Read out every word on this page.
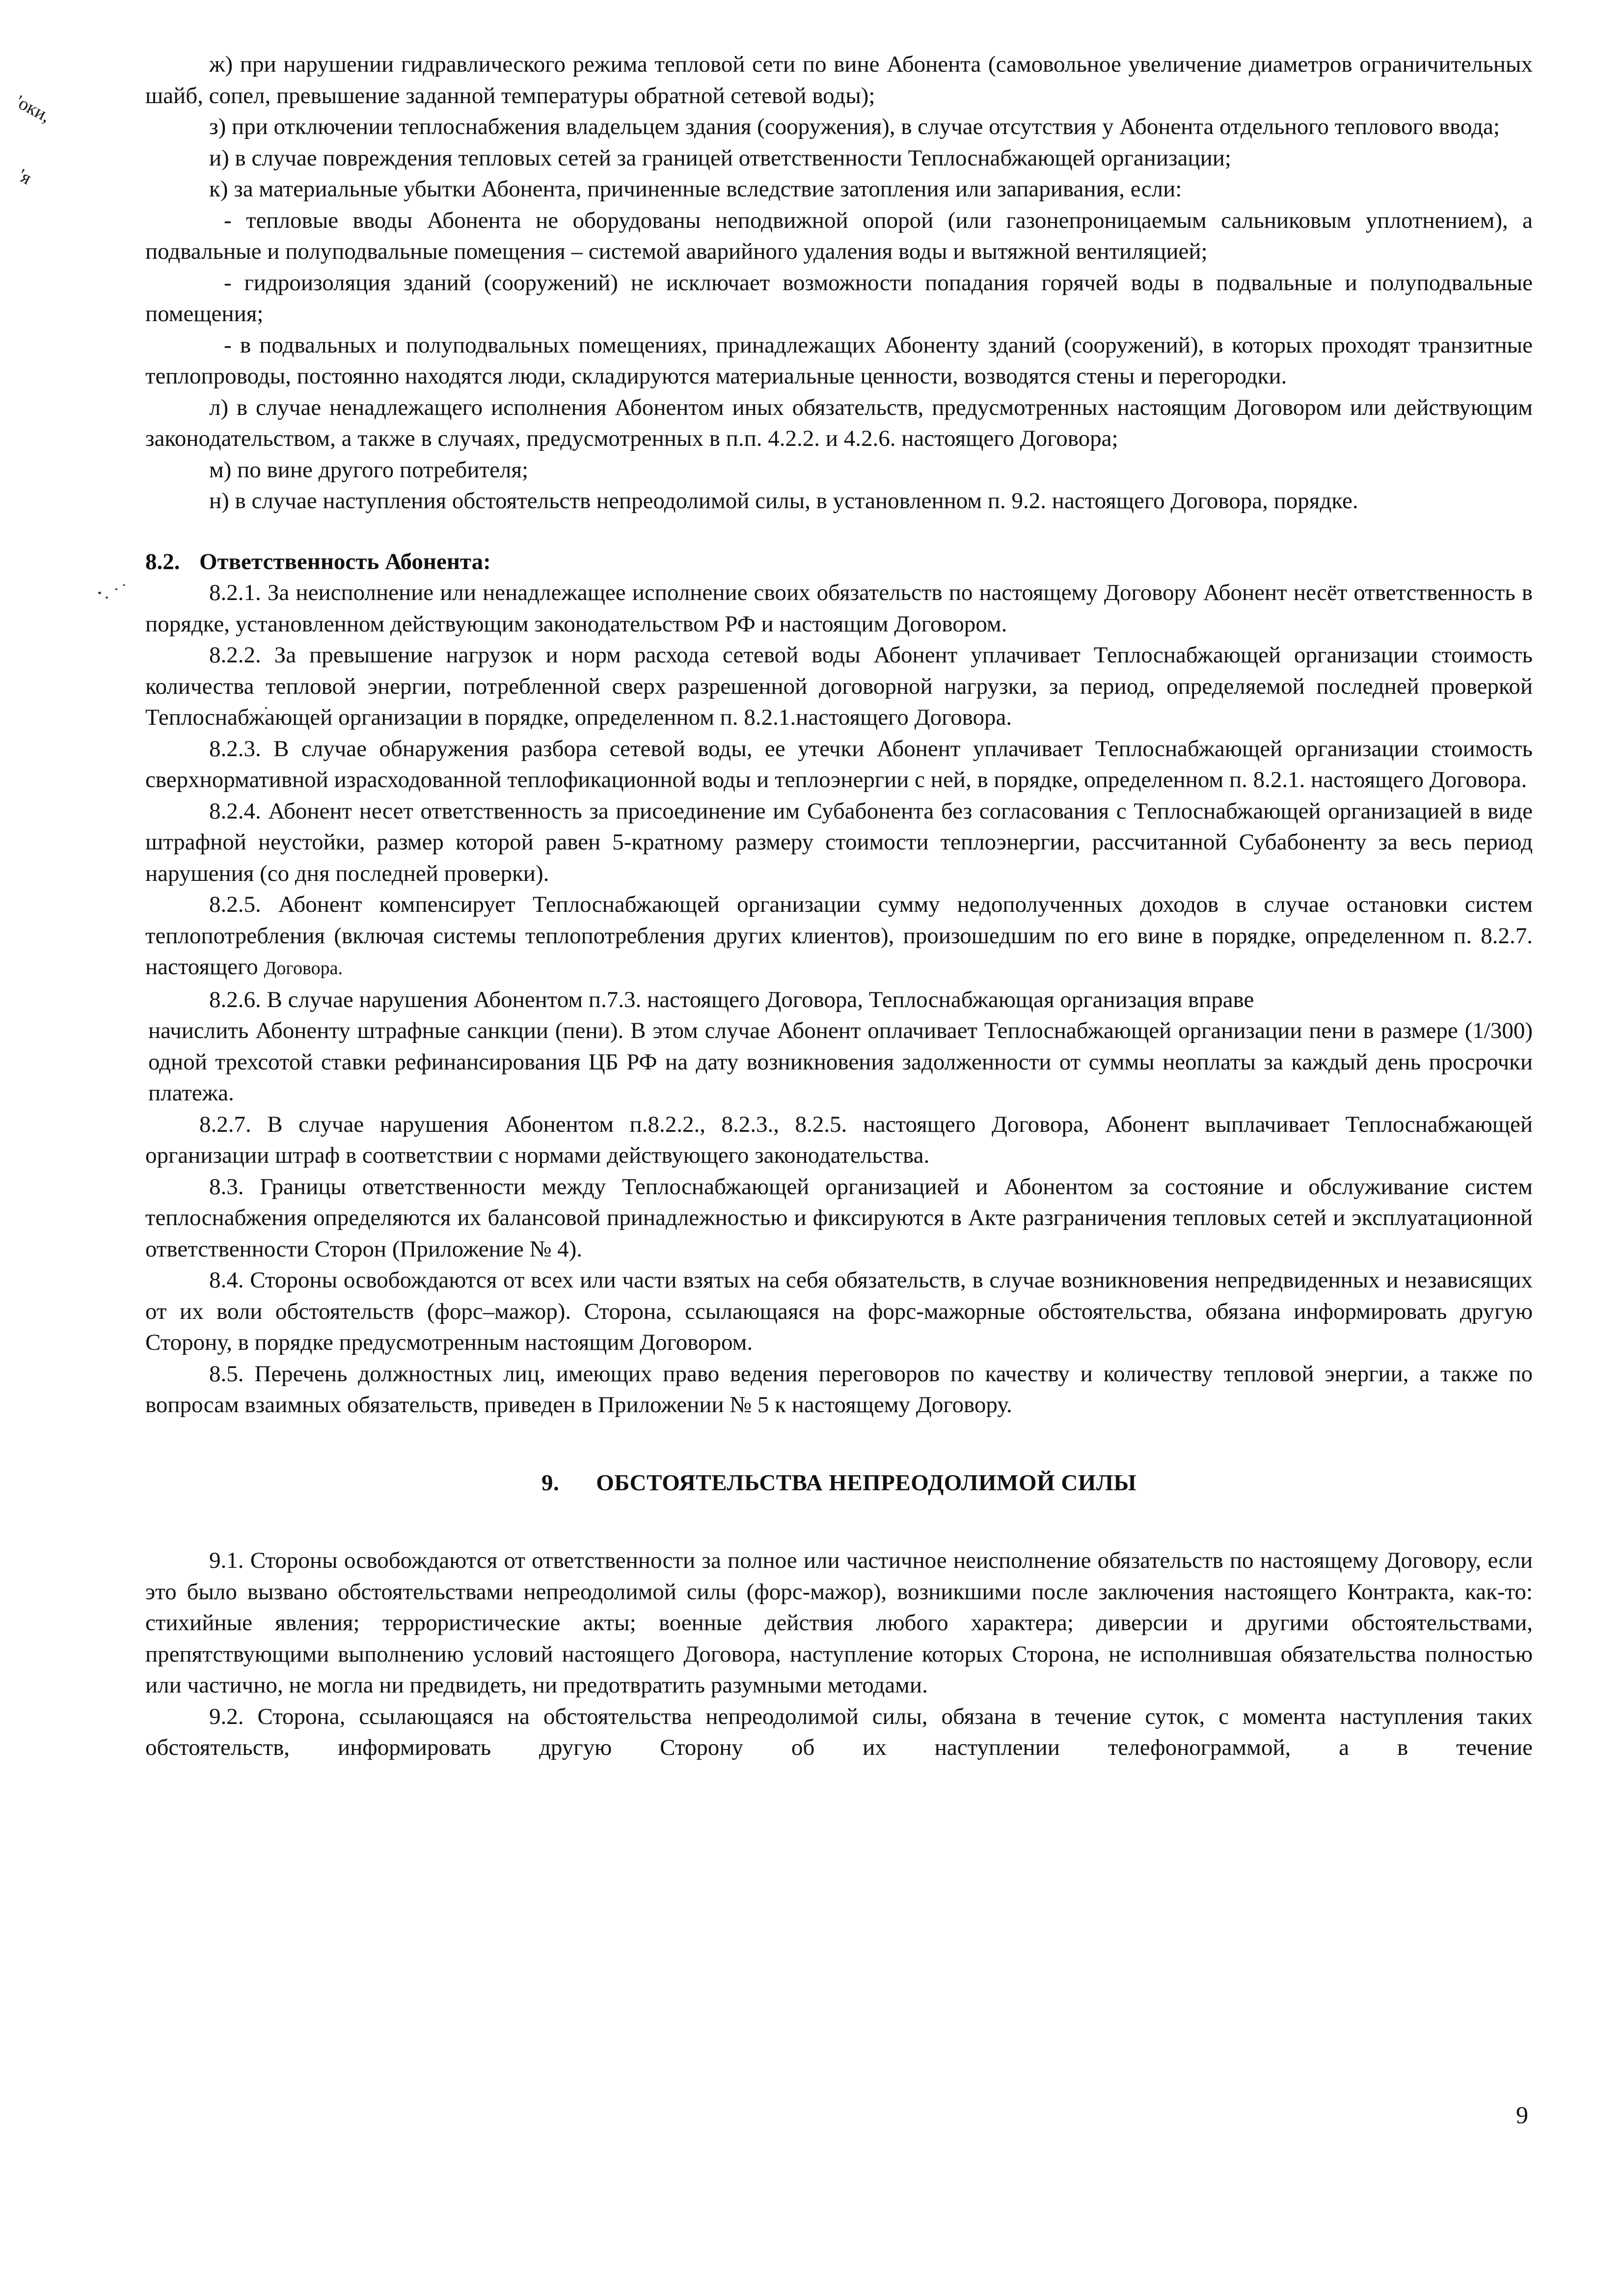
'оки,
'я

ж) при нарушении гидравлического режима тепловой сети по вине Абонента (самовольное увеличение диаметров ограничительных шайб, сопел, превышение заданной температуры обратной сетевой воды);

з) при отключении теплоснабжения владельцем здания (сооружения), в случае отсутствия у Абонента отдельного теплового ввода;

и) в случае повреждения тепловых сетей за границей ответственности Теплоснабжающей организации;

к) за материальные убытки Абонента, причиненные вследствие затопления или запаривания, если:

- тепловые вводы Абонента не оборудованы неподвижной опорой (или газонепроницаемым сальниковым уплотнением), а подвальные и полуподвальные помещения – системой аварийного удаления воды и вытяжной вентиляцией;

- гидроизоляция зданий (сооружений) не исключает возможности попадания горячей воды в подвальные и полуподвальные помещения;

- в подвальных и полуподвальных помещениях, принадлежащих Абоненту зданий (сооружений), в которых проходят транзитные теплопроводы, постоянно находятся люди, складируются материальные ценности, возводятся стены и перегородки.

л) в случае ненадлежащего исполнения Абонентом иных обязательств, предусмотренных настоящим Договором или действующим законодательством, а также в случаях, предусмотренных в п.п. 4.2.2. и 4.2.6. настоящего Договора;

м) по вине другого потребителя;

н) в случае наступления обстоятельств непреодолимой силы, в установленном п. 9.2. настоящего Договора, порядке.

8.2. Ответственность Абонента:

8.2.1. За неисполнение или ненадлежащее исполнение своих обязательств по настоящему Договору Абонент несёт ответственность в порядке, установленном действующим законодательством РФ и настоящим Договором.

8.2.2. За превышение нагрузок и норм расхода сетевой воды Абонент уплачивает Теплоснабжающей организации стоимость количества тепловой энергии, потребленной сверх разрешенной договорной нагрузки, за период, определяемой последней проверкой Теплоснабжающей организации в порядке, определенном п. 8.2.1.настоящего Договора.

8.2.3. В случае обнаружения разбора сетевой воды, ее утечки Абонент уплачивает Теплоснабжающей организации стоимость сверхнормативной израсходованной теплофикационной воды и теплоэнергии с ней, в порядке, определенном п. 8.2.1. настоящего Договора.

8.2.4. Абонент несет ответственность за присоединение им Субабонента без согласования с Теплоснабжающей организацией в виде штрафной неустойки, размер которой равен 5-кратному размеру стоимости теплоэнергии, рассчитанной Субабоненту за весь период нарушения (со дня последней проверки).

8.2.5. Абонент компенсирует Теплоснабжающей организации сумму недополученных доходов в случае остановки систем теплопотребления (включая системы теплопотребления других клиентов), произошедшим по его вине в порядке, определенном п. 8.2.7. настоящего Договора.

8.2.6. В случае нарушения Абонентом п.7.3. настоящего Договора, Теплоснабжающая организация вправе

начислить Абоненту штрафные санкции (пени). В этом случае Абонент оплачивает Теплоснабжающей организации пени в размере (1/300) одной трехсотой ставки рефинансирования ЦБ РФ на дату возникновения задолженности от суммы неоплаты за каждый день просрочки платежа.

8.2.7. В случае нарушения Абонентом п.8.2.2., 8.2.3., 8.2.5. настоящего Договора, Абонент выплачивает Теплоснабжающей организации штраф в соответствии с нормами действующего законодательства.

8.3. Границы ответственности между Теплоснабжающей организацией и Абонентом за состояние и обслуживание систем теплоснабжения определяются их балансовой принадлежностью и фиксируются в Акте разграничения тепловых сетей и эксплуатационной ответственности Сторон (Приложение № 4).

8.4. Стороны освобождаются от всех или части взятых на себя обязательств, в случае возникновения непредвиденных и независящих от их воли обстоятельств (форс–мажор). Сторона, ссылающаяся на форс-мажорные обстоятельства, обязана информировать другую Сторону, в порядке предусмотренным настоящим Договором.

8.5. Перечень должностных лиц, имеющих право ведения переговоров по качеству и количеству тепловой энергии, а также по вопросам взаимных обязательств, приведен в Приложении № 5 к настоящему Договору.

9. ОБСТОЯТЕЛЬСТВА НЕПРЕОДОЛИМОЙ СИЛЫ

9.1. Стороны освобождаются от ответственности за полное или частичное неисполнение обязательств по настоящему Договору, если это было вызвано обстоятельствами непреодолимой силы (форс-мажор), возникшими после заключения настоящего Контракта, как-то: стихийные явления; террористические акты; военные действия любого характера; диверсии и другими обстоятельствами, препятствующими выполнению условий настоящего Договора, наступление которых Сторона, не исполнившая обязательства полностью или частично, не могла ни предвидеть, ни предотвратить разумными методами.

9.2. Сторона, ссылающаяся на обстоятельства непреодолимой силы, обязана в течение суток, с момента наступления таких обстоятельств, информировать другую Сторону об их наступлении телефонограммой, а в течение

9
